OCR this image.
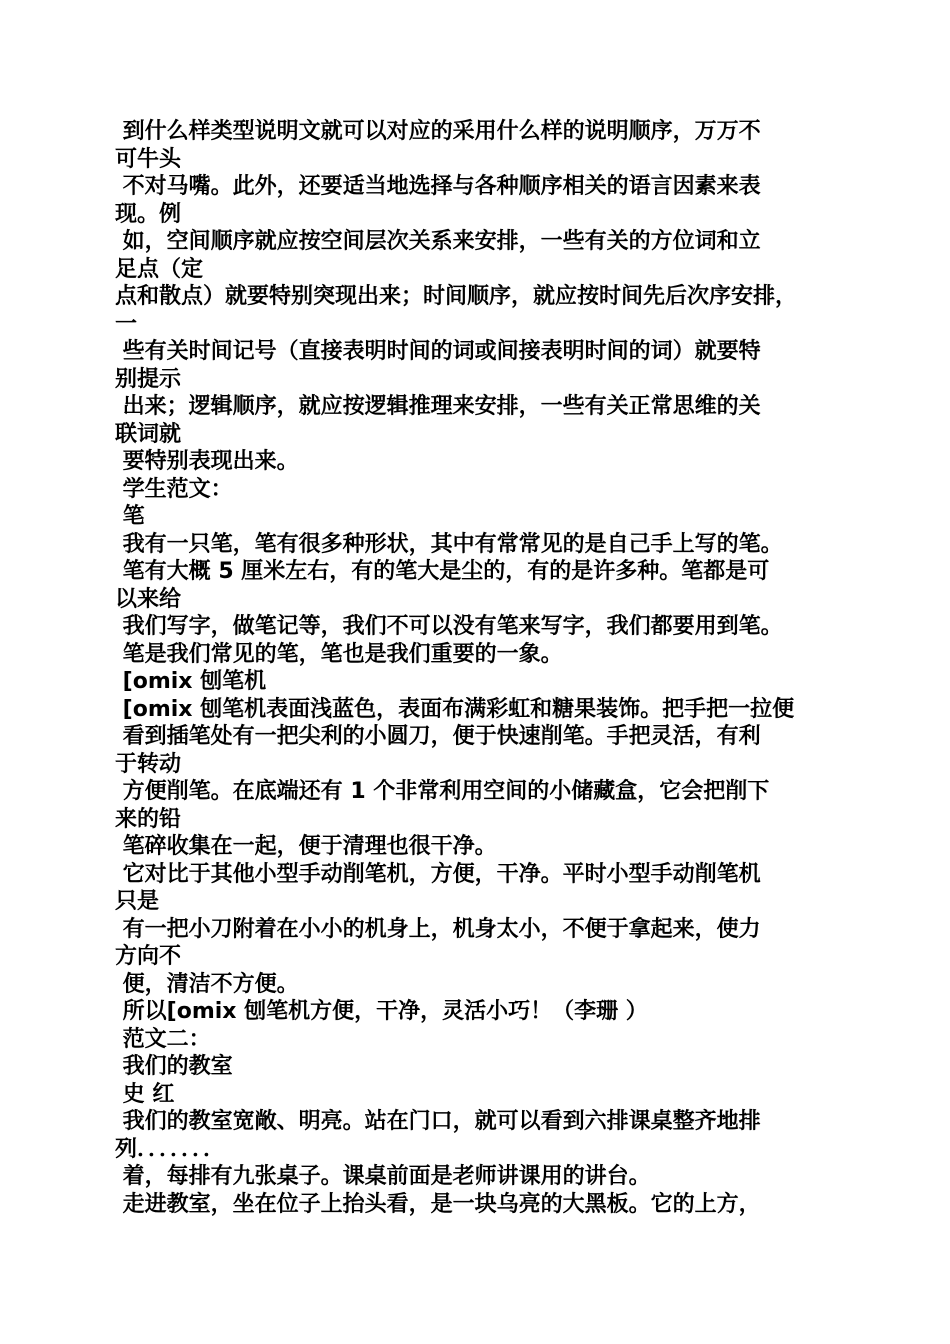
到什么样类型说明文就可以对应的采用什么样的说明顺序，万万不
可牛头
不对马嘴。此外，还要适当地选择与各种顺序相关的语言因素来表
现。例
如，空间顺序就应按空间层次关系来安排，一些有关的方位词和立
足点（定
点和散点）就要特别突现出来；时间顺序，就应按时间先后次序安排，
一
些有关时间记号（直接表明时间的词或间接表明时间的词）就要特
别提示
出来；逻辑顺序，就应按逻辑推理来安排，一些有关正常思维的关
联词就
要特别表现出来。
学生范文：
笔
我有一只笔，笔有很多种形状，其中有常常见的是自己手上写的笔。
笔有大概 5 厘米左右，有的笔大是尘的，有的是许多种。笔都是可
以来给
我们写字，做笔记等，我们不可以没有笔来写字，我们都要用到笔。
笔是我们常见的笔，笔也是我们重要的一象。
[omix 刨笔机
[omix 刨笔机表面浅蓝色，表面布满彩虹和糖果装饰。把手把一拉便
看到插笔处有一把尖利的小圆刀，便于快速削笔。手把灵活，有利
于转动
方便削笔。在底端还有 1 个非常利用空间的小储藏盒，它会把削下
来的铅
笔碎收集在一起，便于清理也很干净。
它对比于其他小型手动削笔机，方便，干净。平时小型手动削笔机
只是
有一把小刀附着在小小的机身上，机身太小，不便于拿起来，使力
方向不
便，清洁不方便。
所以[omix 刨笔机方便，干净，灵活小巧！（李珊 ）
范文二：
我们的教室
史 红
我们的教室宽敞、明亮。站在门口，就可以看到六排课桌整齐地排
列．．．．．．．
着，每排有九张桌子。课桌前面是老师讲课用的讲台。
走进教室，坐在位子上抬头看，是一块乌亮的大黑板。它的上方，
